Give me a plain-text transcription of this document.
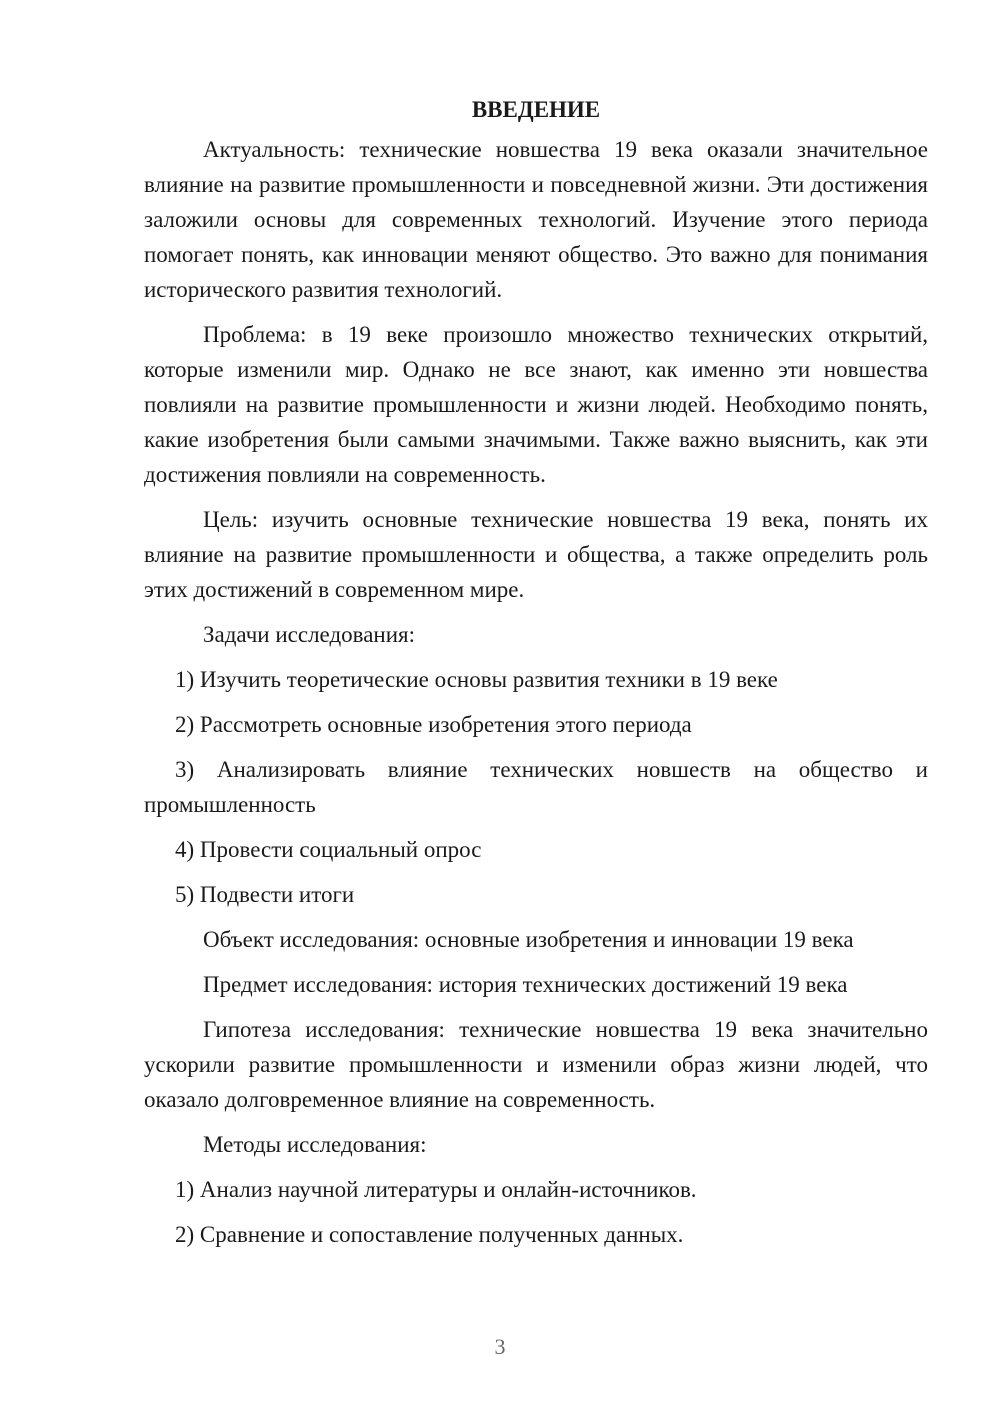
ВВЕДЕНИЕ

Актуальность: технические новшества 19 века оказали значительное влияние на развитие промышленности и повседневной жизни. Эти достижения заложили основы для современных технологий. Изучение этого периода помогает понять, как инновации меняют общество. Это важно для понимания исторического развития технологий.

Проблема: в 19 веке произошло множество технических открытий, которые изменили мир. Однако не все знают, как именно эти новшества повлияли на развитие промышленности и жизни людей. Необходимо понять, какие изобретения были самыми значимыми. Также важно выяснить, как эти достижения повлияли на современность.

Цель: изучить основные технические новшества 19 века, понять их влияние на развитие промышленности и общества, а также определить роль этих достижений в современном мире.

Задачи исследования:

1) Изучить теоретические основы развития техники в 19 веке

2) Рассмотреть основные изобретения этого периода

3) Анализировать влияние технических новшеств на общество и промышленность

4) Провести социальный опрос

5) Подвести итоги

Объект исследования: основные изобретения и инновации 19 века

Предмет исследования: история технических достижений 19 века

Гипотеза исследования: технические новшества 19 века значительно ускорили развитие промышленности и изменили образ жизни людей, что оказало долговременное влияние на современность.

Методы исследования:

1) Анализ научной литературы и онлайн-источников.

2) Сравнение и сопоставление полученных данных.

3
